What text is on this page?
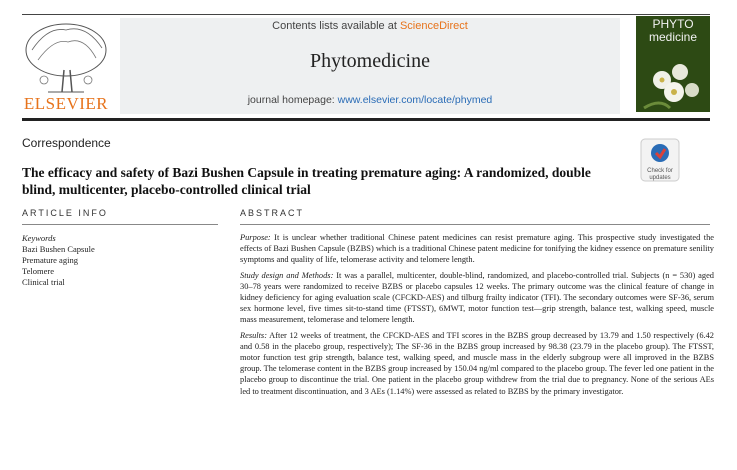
ELSEVIER
Contents lists available at ScienceDirect
Phytomedicine
journal homepage: www.elsevier.com/locate/phymed
PHYTO
medicine
Correspondence
Check for
updates
The efficacy and safety of Bazi Bushen Capsule in treating premature aging: A randomized, double blind, multicenter, placebo-controlled clinical trial
ARTICLE INFO
Keywords
Bazi Bushen Capsule
Premature aging
Telomere
Clinical trial
ABSTRACT

Purpose: It is unclear whether traditional Chinese patent medicines can resist premature aging. This prospective study investigated the effects of Bazi Bushen Capsule (BZBS) which is a traditional Chinese patent medicine for tonifying the kidney essence on premature senility symptoms and quality of life, telomerase activity and telomere length.

Study design and Methods: It was a parallel, multicenter, double-blind, randomized, and placebo-controlled trial. Subjects (n = 530) aged 30–78 years were randomized to receive BZBS or placebo capsules 12 weeks. The primary outcome was the clinical feature of change in kidney deficiency for aging evaluation scale (CFCKD-AES) and tilburg frailty indicator (TFI). The secondary outcomes were SF-36, serum sex hormone level, five times sit-to-stand time (FTSST), 6MWT, motor function test—grip strength, balance test, walking speed, muscle mass measurement, telomerase and telomere length.

Results: After 12 weeks of treatment, the CFCKD-AES and TFI scores in the BZBS group decreased by 13.79 and 1.50 respectively (6.42 and 0.58 in the placebo group, respectively); The SF-36 in the BZBS group increased by 98.38 (23.79 in the placebo group). The FTSST, motor function test grip strength, balance test, walking speed, and muscle mass in the elderly subgroup were all improved in the BZBS group. The telomerase content in the BZBS group increased by 150.04 ng/ml compared to the placebo group. The fever led one patient in the placebo group to discontinue the trial. One patient in the placebo group withdrew from the trial due to pregnancy. None of the serious AEs led to treatment discontinuation, and 3 AEs (1.14%) were assessed as related to BZBS by the primary investigator.
